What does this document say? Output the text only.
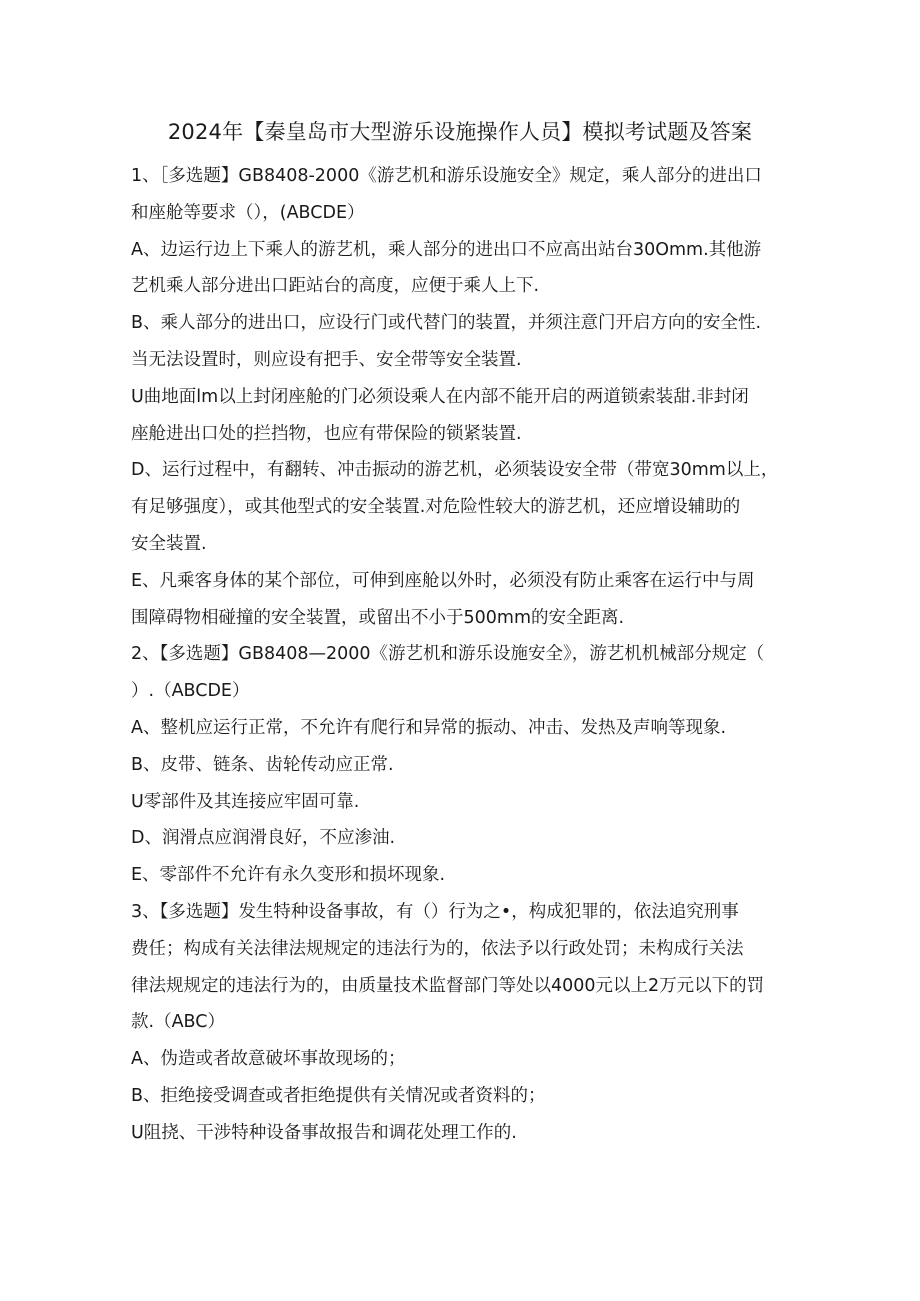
2024年【秦皇岛市大型游乐设施操作人员】模拟考试题及答案
1、［多选题】GB8408-2000《游艺机和游乐设施安全》规定，乘人部分的进出口
和座舱等要求（），(ABCDE）
A、边运行边上下乘人的游艺机，乘人部分的进出口不应高出站台30Omm.其他游
艺机乘人部分进出口距站台的高度，应便于乘人上下.
B、乘人部分的进出口，应设行门或代替门的装置，并须注意门开启方向的安全性.
当无法设置时，则应设有把手、安全带等安全装置.
U曲地面lm以上封闭座舱的门必须设乘人在内部不能开启的两道锁索装甜.非封闭
座舱进出口处的拦挡物，也应有带保险的锁紧装置.
D、运行过程中，有翻转、冲击振动的游艺机，必须装设安全带（带宽30mm以上，
有足够强度），或其他型式的安全装置.对危险性较大的游艺机，还应增设辅助的
安全装置.
E、凡乘客身体的某个部位，可伸到座舱以外时，必须没有防止乘客在运行中与周
围障碍物相碰撞的安全装置，或留出不小于500mm的安全距离.
2、【多选题】GB8408—2000《游艺机和游乐设施安全》，游艺机机械部分规定（
）.（ABCDE）
A、整机应运行正常，不允许有爬行和异常的振动、冲击、发热及声响等现象.
B、皮带、链条、齿轮传动应正常.
U零部件及其连接应牢固可靠.
D、润滑点应润滑良好，不应渗油.
E、零部件不允许有永久变形和损坏现象.
3、【多选题】发生特种设备事故，有（）行为之•，构成犯罪的，依法追究刑事
费任；构成有关法律法规规定的违法行为的，依法予以行政处罚；未构成行关法
律法规规定的违法行为的，由质量技术监督部门等处以4000元以上2万元以下的罚
款.（ABC）
A、伪造或者故意破坏事故现场的；
B、拒绝接受调查或者拒绝提供有关情况或者资料的；
U阻挠、干涉特种设备事故报告和调花处理工作的.
